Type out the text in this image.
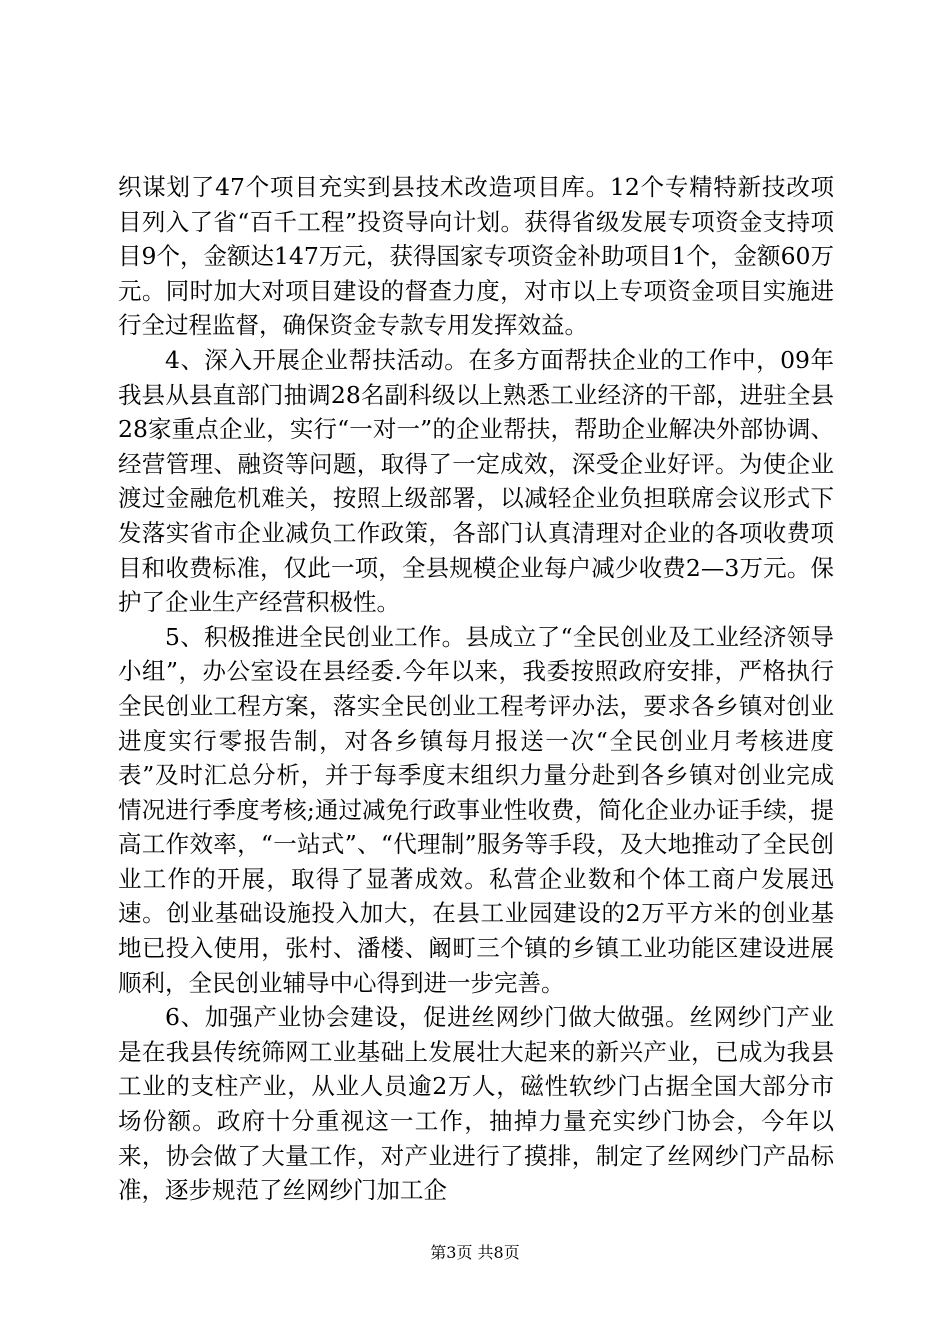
织谋划了47个项目充实到县技术改造项目库。12个专精特新技改项目列入了省“百千工程”投资导向计划。获得省级发展专项资金支持项目9个，金额达147万元，获得国家专项资金补助项目1个，金额60万元。同时加大对项目建设的督查力度，对市以上专项资金项目实施进行全过程监督，确保资金专款专用发挥效益。

4、深入开展企业帮扶活动。在多方面帮扶企业的工作中，09年我县从县直部门抽调28名副科级以上熟悉工业经济的干部，进驻全县28家重点企业，实行“一对一”的企业帮扶，帮助企业解决外部协调、经营管理、融资等问题，取得了一定成效，深受企业好评。为使企业渡过金融危机难关，按照上级部署，以减轻企业负担联席会议形式下发落实省市企业减负工作政策，各部门认真清理对企业的各项收费项目和收费标准，仅此一项，全县规模企业每户减少收费2—3万元。保护了企业生产经营积极性。

5、积极推进全民创业工作。县成立了“全民创业及工业经济领导小组”，办公室设在县经委.今年以来，我委按照政府安排，严格执行全民创业工程方案，落实全民创业工程考评办法，要求各乡镇对创业进度实行零报告制，对各乡镇每月报送一次“全民创业月考核进度表”及时汇总分析，并于每季度末组织力量分赴到各乡镇对创业完成情况进行季度考核;通过减免行政事业性收费，简化企业办证手续，提高工作效率，“一站式”、“代理制”服务等手段，及大地推动了全民创业工作的开展，取得了显著成效。私营企业数和个体工商户发展迅速。创业基础设施投入加大，在县工业园建设的2万平方米的创业基地已投入使用，张村、潘楼、阚町三个镇的乡镇工业功能区建设进展顺利，全民创业辅导中心得到进一步完善。

6、加强产业协会建设，促进丝网纱门做大做强。丝网纱门产业是在我县传统筛网工业基础上发展壮大起来的新兴产业，已成为我县工业的支柱产业，从业人员逾2万人，磁性软纱门占据全国大部分市场份额。政府十分重视这一工作，抽掉力量充实纱门协会，今年以来，协会做了大量工作，对产业进行了摸排，制定了丝网纱门产品标准，逐步规范了丝网纱门加工企

第3页 共8页
